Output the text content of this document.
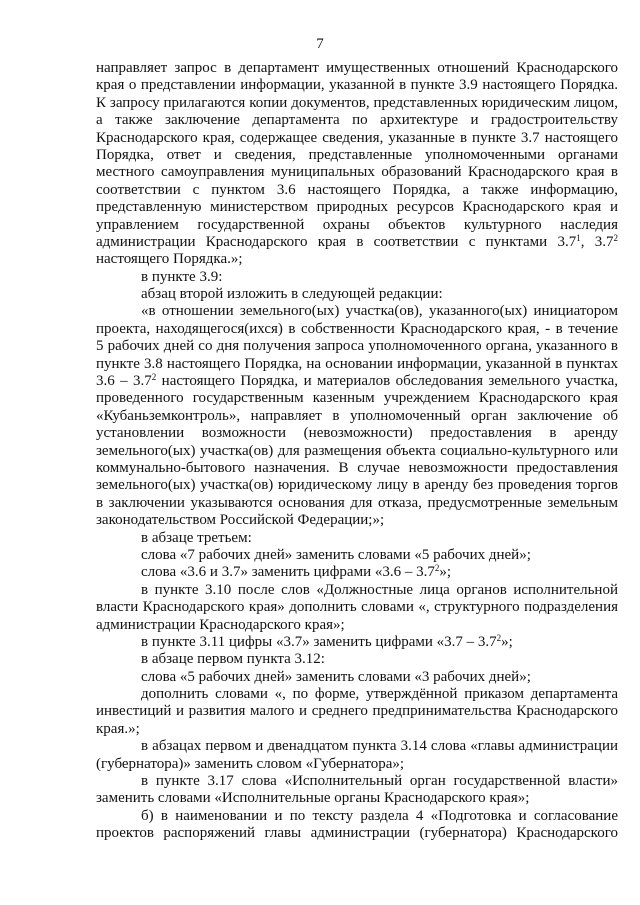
7
направляет запрос в департамент имущественных отношений Краснодарского
края о представлении информации, указанной в пункте 3.9 настоящего Порядка.
К запросу прилагаются копии документов, представленных юридическим лицом,
а также заключение департамента по архитектуре и градостроительству
Краснодарского края, содержащее сведения, указанные в пункте 3.7 настоящего
Порядка, ответ и сведения, представленные уполномоченными органами
местного самоуправления муниципальных образований Краснодарского края в
соответствии с пунктом 3.6 настоящего Порядка, а также информацию,
представленную министерством природных ресурсов Краснодарского края и
управлением государственной охраны объектов культурного наследия
администрации Краснодарского края в соответствии с пунктами $3.7^1$, $3.7^2$
настоящего Порядка.»;
в пункте 3.9:
абзац второй изложить в следующей редакции:
«в отношении земельного(ых) участка(ов), указанного(ых) инициатором
проекта, находящегося(ихся) в собственности Краснодарского края, - в течение
5 рабочих дней со дня получения запроса уполномоченного органа, указанного в
пункте 3.8 настоящего Порядка, на основании информации, указанной в пунктах
$3.6 - 3.7^2$ настоящего Порядка, и материалов обследования земельного участка,
проведенного государственным казенным учреждением Краснодарского края
«Кубаньземконтроль», направляет в уполномоченный орган заключение об
установлении возможности (невозможности) предоставления в аренду
земельного(ых) участка(ов) для размещения объекта социально-культурного или
коммунально-бытового назначения. В случае невозможности предоставления
земельного(ых) участка(ов) юридическому лицу в аренду без проведения торгов
в заключении указываются основания для отказа, предусмотренные земельным
законодательством Российской Федерации;»;
в абзаце третьем:
слова «7 рабочих дней» заменить словами «5 рабочих дней»;
слова «3.6 и 3.7» заменить цифрами «$3.6 - 3.7^2$»;
в пункте 3.10 после слов «Должностные лица органов исполнительной
власти Краснодарского края» дополнить словами «, структурного подразделения
администрации Краснодарского края»;
в пункте 3.11 цифры «3.7» заменить цифрами «$3.7 - 3.7^2$»;
в абзаце первом пункта 3.12:
слова «5 рабочих дней» заменить словами «3 рабочих дней»;
дополнить словами «, по форме, утверждённой приказом департамента
инвестиций и развития малого и среднего предпринимательства Краснодарского
края.»;
в абзацах первом и двенадцатом пункта 3.14 слова «главы администрации
(губернатора)» заменить словом «Губернатора»;
в пункте 3.17 слова «Исполнительный орган государственной власти»
заменить словами «Исполнительные органы Краснодарского края»;
б) в наименовании и по тексту раздела 4 «Подготовка и согласование
проектов распоряжений главы администрации (губернатора) Краснодарского
